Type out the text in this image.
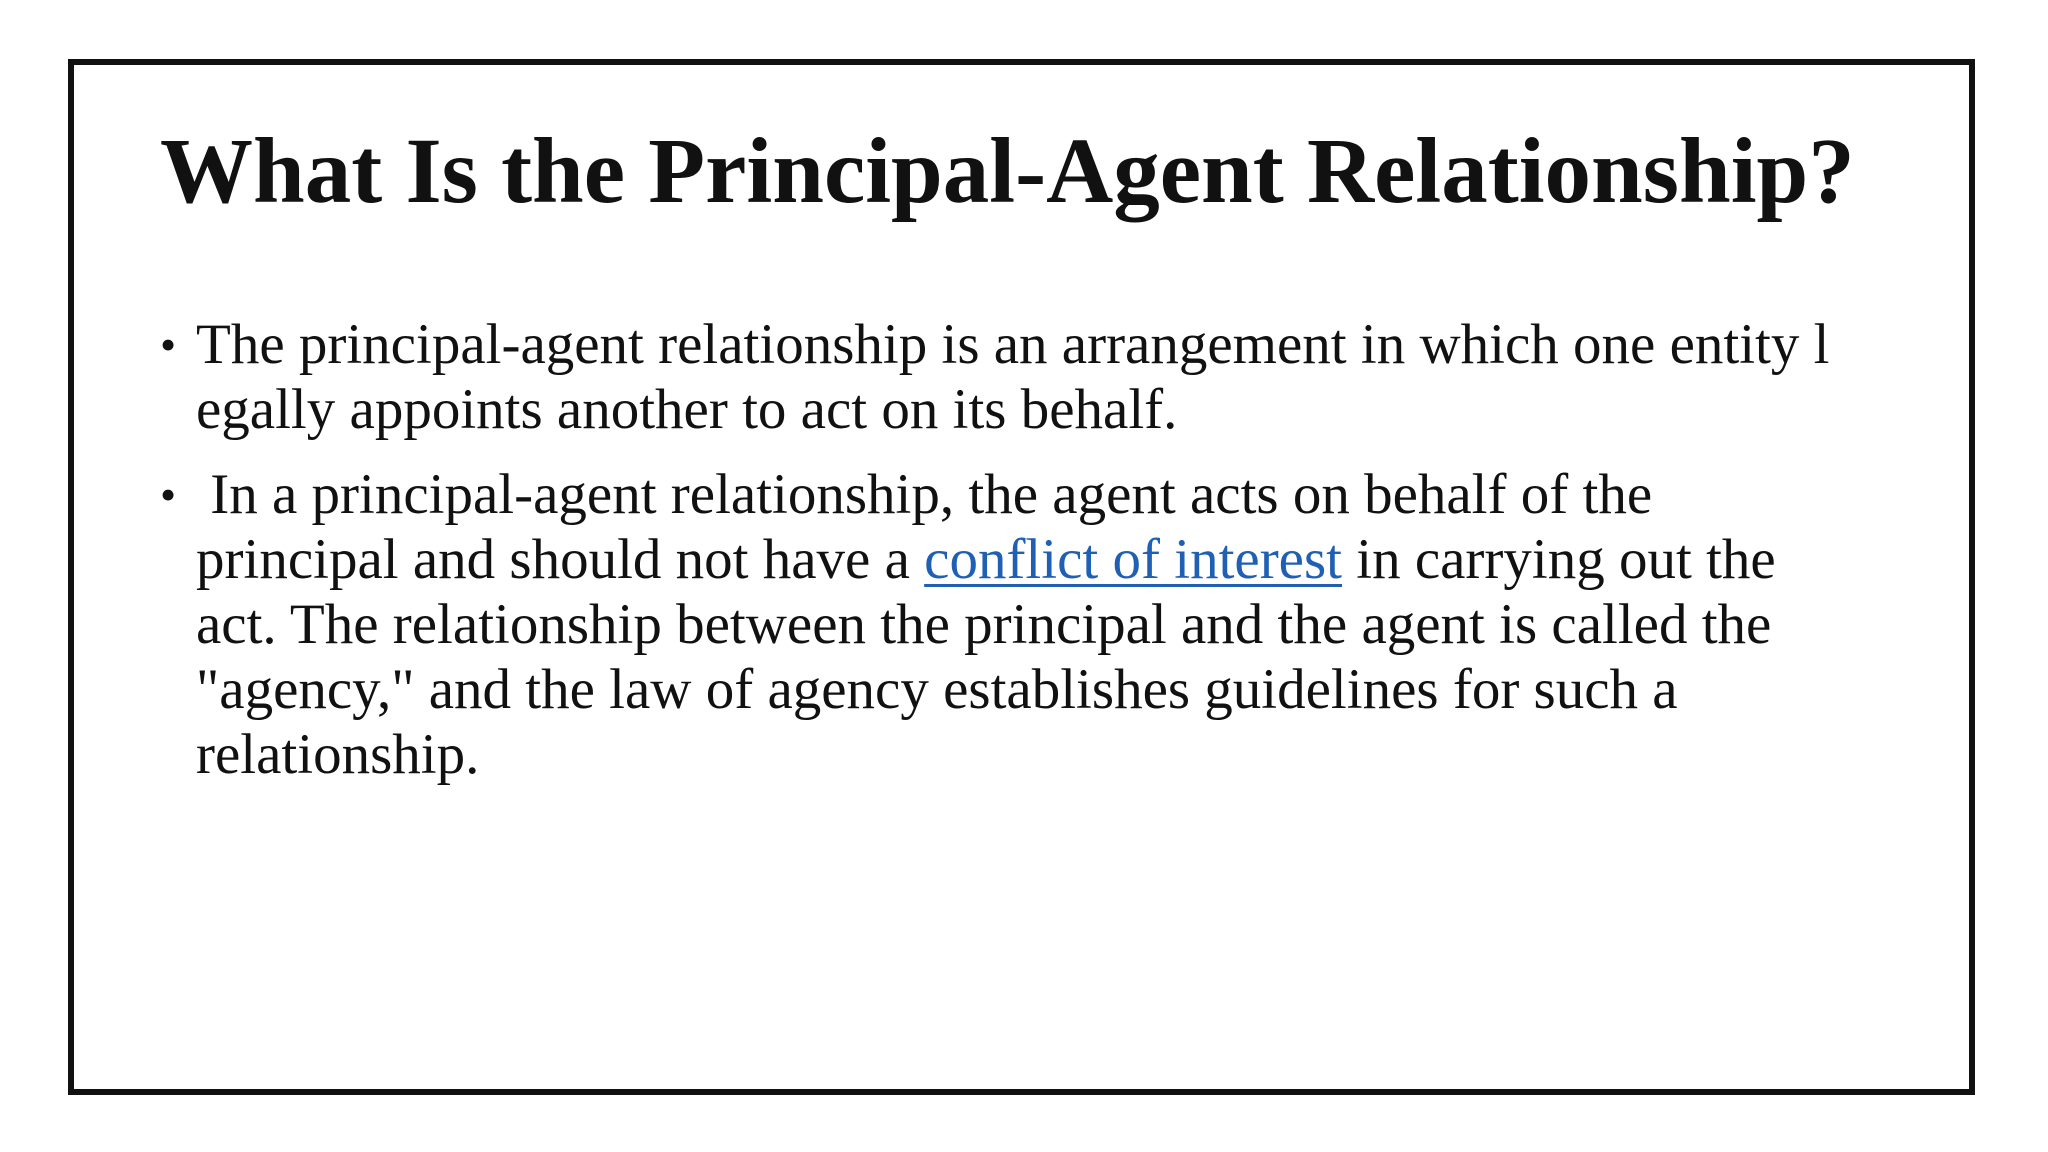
What Is the Principal-Agent Relationship?
• The principal-agent relationship is an arrangement in which one entity l
egally appoints another to act on its behalf.
• In a principal-agent relationship, the agent acts on behalf of the
principal and should not have a conflict of interest in carrying out the
act. The relationship between the principal and the agent is called the
"agency," and the law of agency establishes guidelines for such a
relationship.
